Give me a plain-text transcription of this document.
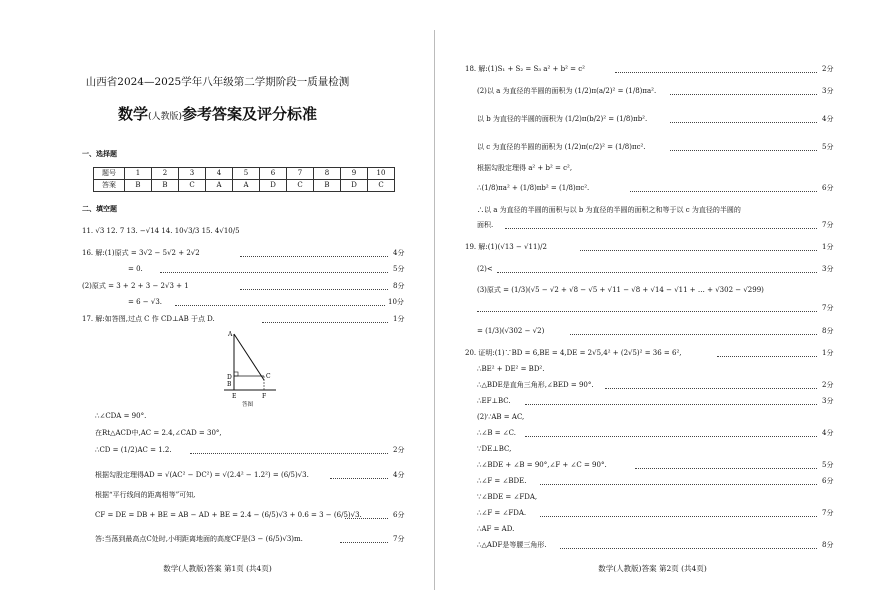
山西省2024—2025学年八年级第二学期阶段一质量检测
数学(人教版)参考答案及评分标准
一、选择题
题号	1	2	3	4	5	6	7	8	9	10
答案	B	B	C	A	A	D	C	B	D	C
二、填空题
11. √3 12. 7 13. −√14 14. 10√3/3 15. 4√10/5
16. 解:(1)原式 = 3√2 − 5√2 + 2√2	4分
= 0.	5分
(2)原式 = 3 + 2 + 3 − 2√3 + 1	8分
= 6 − √3.	10分
17. 解:如答图,过点 C 作 CD⊥AB 于点 D.	1分
A
D
B
C
E	F
答图
∴∠CDA = 90°.
在Rt△ACD中,AC = 2.4,∠CAD = 30°,
∴CD = (1/2)AC = 1.2.	2分
根据勾股定理得AD = √(AC² − DC²) = √(2.4² − 1.2²) = (6/5)√3.	4分
根据“平行线间的距离相等”可知,
CF = DE = DB + BE = AB − AD + BE = 2.4 − (6/5)√3 + 0.6 = 3 − (6/5)√3.	6分
答:当荡到最高点C处时,小明距离地面的高度CF是(3 − (6/5)√3)m.	7分
数学(人教版)答案 第1页 (共4页)
18. 解:(1)S₁ + S₂ = S₃ a² + b² = c²	2分
(2)以 a 为直径的半圆的面积为 (1/2)π(a/2)² = (1/8)πa².	3分
以 b 为直径的半圆的面积为 (1/2)π(b/2)² = (1/8)πb².	4分
以 c 为直径的半圆的面积为 (1/2)π(c/2)² = (1/8)πc².	5分
根据勾股定理得 a² + b² = c²,
∴(1/8)πa² + (1/8)πb² = (1/8)πc².	6分
∴以 a 为直径的半圆的面积与以 b 为直径的半圆的面积之和等于以 c 为直径的半圆的
面积.	7分
19. 解:(1)(√13 − √11)/2	1分
(2)<	3分
(3)原式 = (1/3)(√5 − √2 + √8 − √5 + √11 − √8 + √14 − √11 + … + √302 − √299)
7分
= (1/3)(√302 − √2)	8分
20. 证明:(1)∵BD = 6,BE = 4,DE = 2√5,4² + (2√5)² = 36 = 6²,	1分
∴BE² + DE² = BD².
∴△BDE是直角三角形,∠BED = 90°.	2分
∴EF⊥BC.	3分
(2)∵AB = AC,
∴∠B = ∠C.	4分
∵DE⊥BC,
∴∠BDE + ∠B = 90°,∠F + ∠C = 90°.	5分
∴∠F = ∠BDE.	6分
∵∠BDE = ∠FDA,
∴∠F = ∠FDA.	7分
∴AF = AD.
∴△ADF是等腰三角形.	8分
数学(人教版)答案 第2页 (共4页)
